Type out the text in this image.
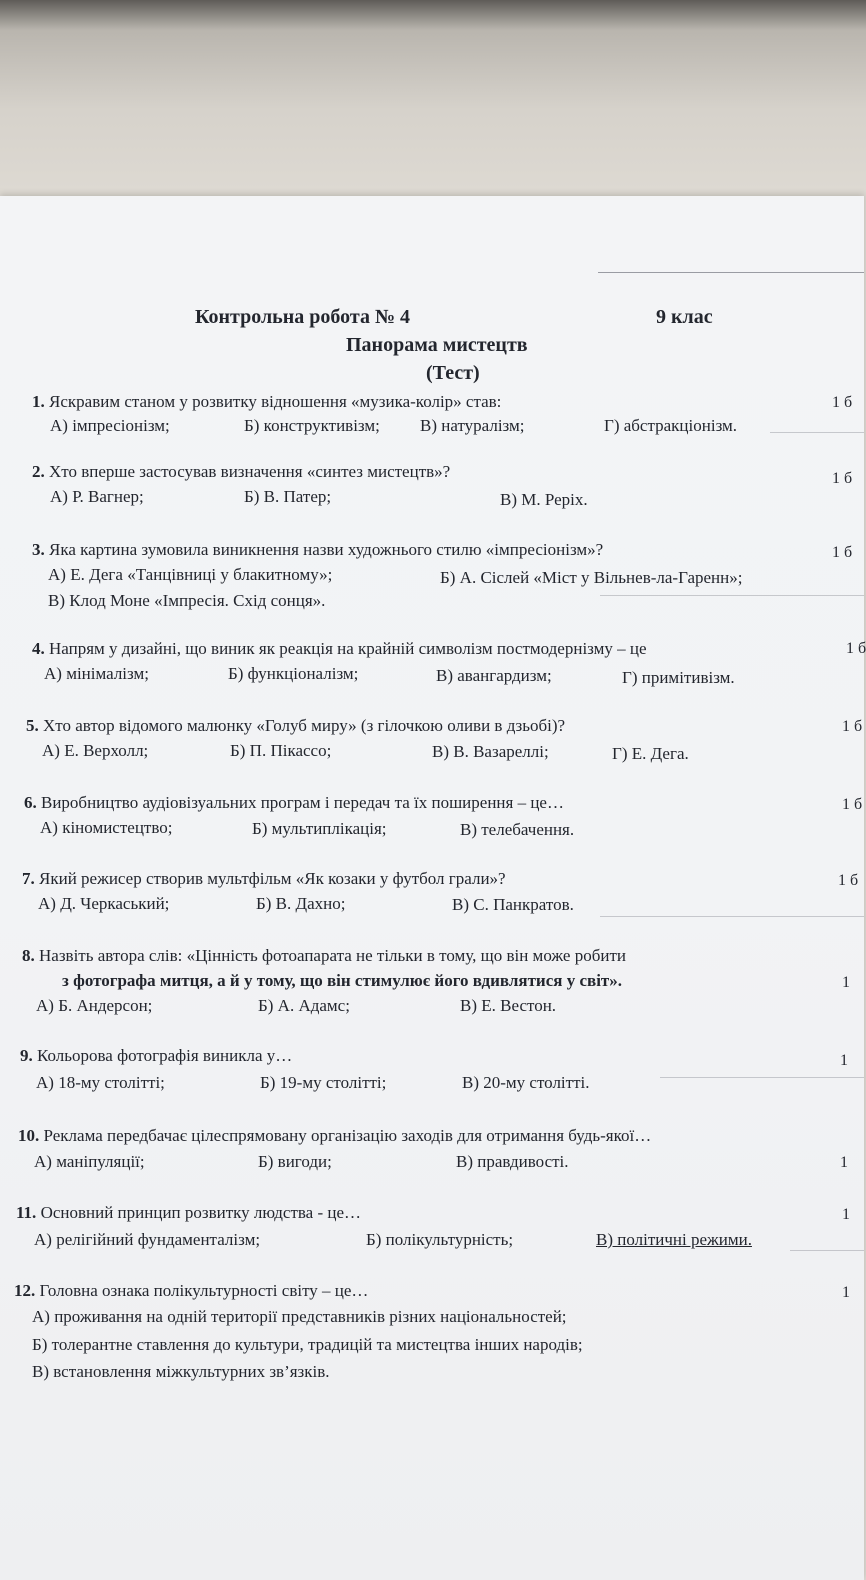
Контрольна робота № 4	9 клас
Панорама мистецтв
(Тест)
1. Яскравим станом у розвитку відношення «музика-колір» став:	1 б
А) імпресіонізм;	Б) конструктивізм; В) натуралізм;	Г) абстракціонізм.
2. Хто вперше застосував визначення «синтез мистецтв»?	1 б
А) Р. Вагнер;	Б) В. Патер;	В) М. Реріх.
3. Яка картина зумовила виникнення назви художнього стилю «імпресіонізм»?	1 б
А) Е. Дега «Танцівниці у блакитному»;	Б) А. Сіслей «Міст у Вільнев-ла-Гаренн»;
В) Клод Моне «Імпресія. Схід сонця».
4. Напрям у дизайні, що виник як реакція на крайній символізм постмодернізму – це	1 б
А) мінімалізм;	Б) функціоналізм;	В) авангардизм;	Г) примітивізм.
5. Хто автор відомого малюнку «Голуб миру» (з гілочкою оливи в дзьобі)?	1 б
А) Е. Верхолл;	Б) П. Пікассо;	В) В. Вазареллі;	Г) Е. Дега.
6. Виробництво аудіовізуальних програм і передач та їх поширення – це…	1 б
А) кіномистецтво;	Б) мультиплікація;	В) телебачення.
7. Який режисер створив мультфільм «Як козаки у футбол грали»?	1 б
А) Д. Черкаський;	Б) В. Дахно;	В) С. Панкратов.
8. Назвіть автора слів: «Цінність фотоапарата не тільки в тому, що він може робити
з фотографа митця, а й у тому, що він стимулює його вдивлятися у світ».	1
А) Б. Андерсон;	Б) А. Адамс;	В) Е. Вестон.
9. Кольорова фотографія виникла у…	1
А) 18-му столітті;	Б) 19-му столітті;	В) 20-му столітті.
10. Реклама передбачає цілеспрямовану організацію заходів для отримання будь-якої…
1
А) маніпуляції;	Б) вигоди;	В) правдивості.
11. Основний принцип розвитку людства - це…	1
А) релігійний фундаменталізм;	Б) полікультурність;	В) політичні режими.
12. Головна ознака полікультурності світу – це…	1
А) проживання на одній території представників різних національностей;
Б) толерантне ставлення до культури, традицій та мистецтва інших народів;
В) встановлення міжкультурних зв’язків.
